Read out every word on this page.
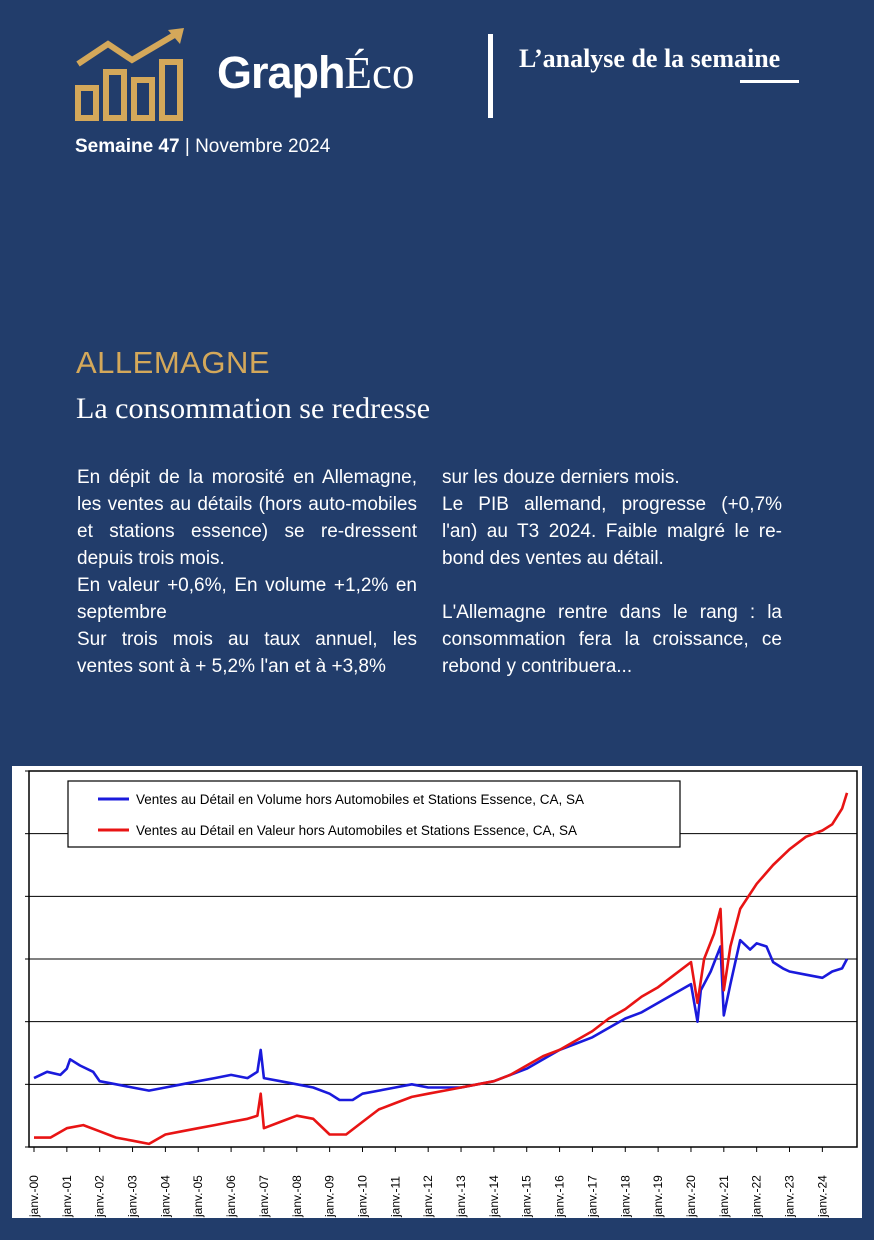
GraphÉco	L’analyse de la semaine
Semaine 47 | Novembre 2024
ALLEMAGNE
La consommation se redresse

En dépit de la morosité en Allemagne, les ventes au détails (hors auto-mobiles et stations essence) se re-dressent depuis trois mois.

En valeur +0,6%, En volume +1,2% en septembre

Sur trois mois au taux annuel, les ventes sont à + 5,2% l'an et à +3,8%

sur les douze derniers mois.

Le PIB allemand, progresse (+0,7% l'an) au T3 2024. Faible malgré le re-bond des ventes au détail.

L'Allemagne rentre dans le rang : la consommation fera la croissance, ce rebond y contribuera...

janv.-00 janv.-01 janv.-02 janv.-03 janv.-04 janv.-05 janv.-06 janv.-07 janv.-08 janv.-09 janv.-10 janv.-11 janv.-12 janv.-13 janv.-14 janv.-15 janv.-16 janv.-17 janv.-18 janv.-19 janv.-20 janv.-21 janv.-22 janv.-23 janv.-24
Ventes au Détail en Volume hors Automobiles et Stations Essence, CA, SA
Ventes au Détail en Valeur hors Automobiles et Stations Essence, CA, SA
